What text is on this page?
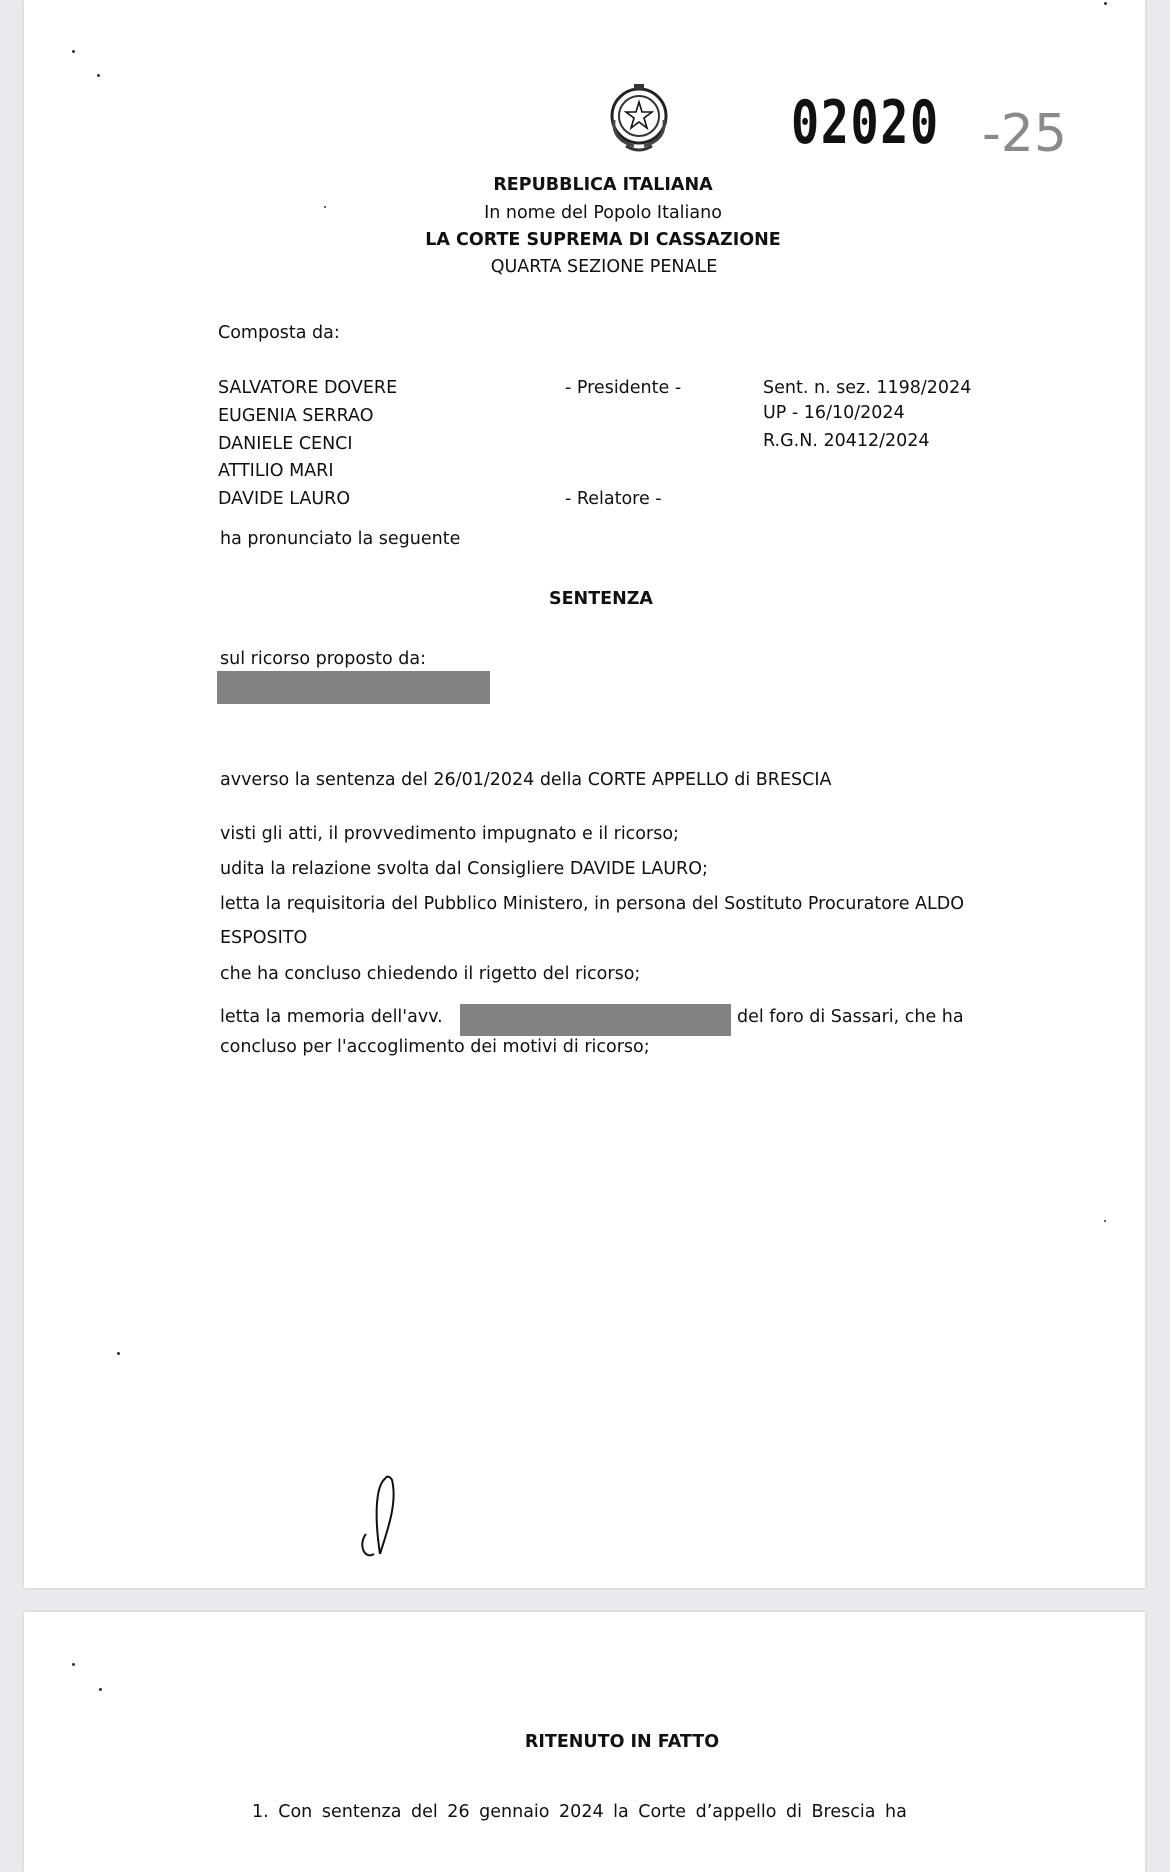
02020 -25
REPUBBLICA ITALIANA
In nome del Popolo Italiano
LA CORTE SUPREMA DI CASSAZIONE
QUARTA SEZIONE PENALE
Composta da:
SALVATORE DOVERE
EUGENIA SERRAO
DANIELE CENCI
ATTILIO MARI
DAVIDE LAURO
- Presidente -
- Relatore -
Sent. n. sez. 1198/2024
UP - 16/10/2024
R.G.N. 20412/2024
ha pronunciato la seguente
SENTENZA
sul ricorso proposto da:
avverso la sentenza del 26/01/2024 della CORTE APPELLO di BRESCIA
visti gli atti, il provvedimento impugnato e il ricorso;
udita la relazione svolta dal Consigliere DAVIDE LAURO;
letta la requisitoria del Pubblico Ministero, in persona del Sostituto Procuratore ALDO
ESPOSITO
che ha concluso chiedendo il rigetto del ricorso;
letta la memoria dell'avv.	del foro di Sassari, che ha
concluso per l'accoglimento dei motivi di ricorso;
RITENUTO IN FATTO
1. Con sentenza del 26 gennaio 2024 la Corte d’appello di Brescia ha
